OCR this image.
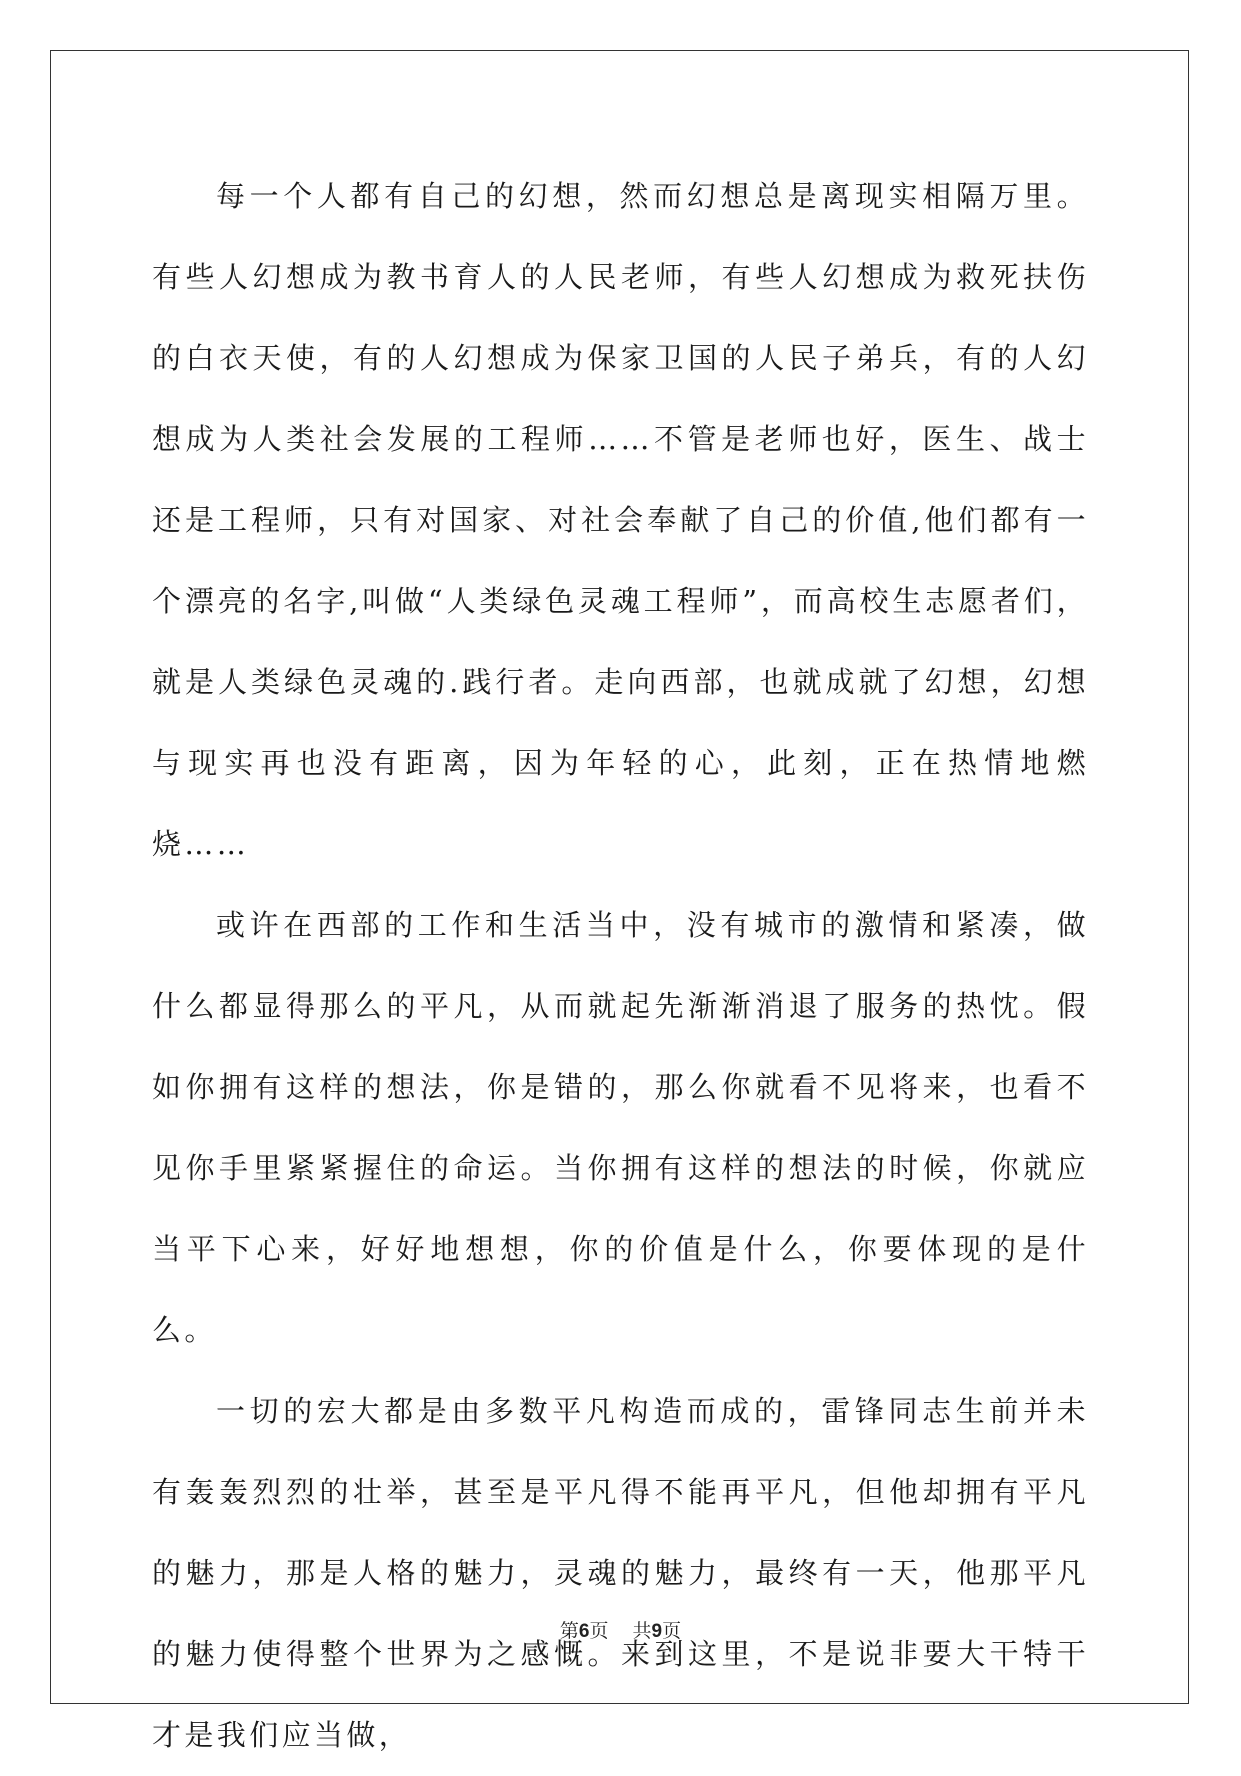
每一个人都有自己的幻想，然而幻想总是离现实相隔万里。有些人幻想成为教书育人的人民老师，有些人幻想成为救死扶伤的白衣天使，有的人幻想成为保家卫国的人民子弟兵，有的人幻想成为人类社会发展的工程师……不管是老师也好，医生、战士还是工程师，只有对国家、对社会奉献了自己的价值,他们都有一个漂亮的名字,叫做“人类绿色灵魂工程师”，而高校生志愿者们，就是人类绿色灵魂的.践行者。走向西部，也就成就了幻想，幻想与现实再也没有距离，因为年轻的心，此刻，正在热情地燃烧……

或许在西部的工作和生活当中，没有城市的激情和紧凑，做什么都显得那么的平凡，从而就起先渐渐消退了服务的热忱。假如你拥有这样的想法，你是错的，那么你就看不见将来，也看不见你手里紧紧握住的命运。当你拥有这样的想法的时候，你就应当平下心来，好好地想想，你的价值是什么，你要体现的是什么。

一切的宏大都是由多数平凡构造而成的，雷锋同志生前并未有轰轰烈烈的壮举，甚至是平凡得不能再平凡，但他却拥有平凡的魅力，那是人格的魅力，灵魂的魅力，最终有一天，他那平凡的魅力使得整个世界为之感慨。来到这里，不是说非要大干特干才是我们应当做，

第6页 共9页
